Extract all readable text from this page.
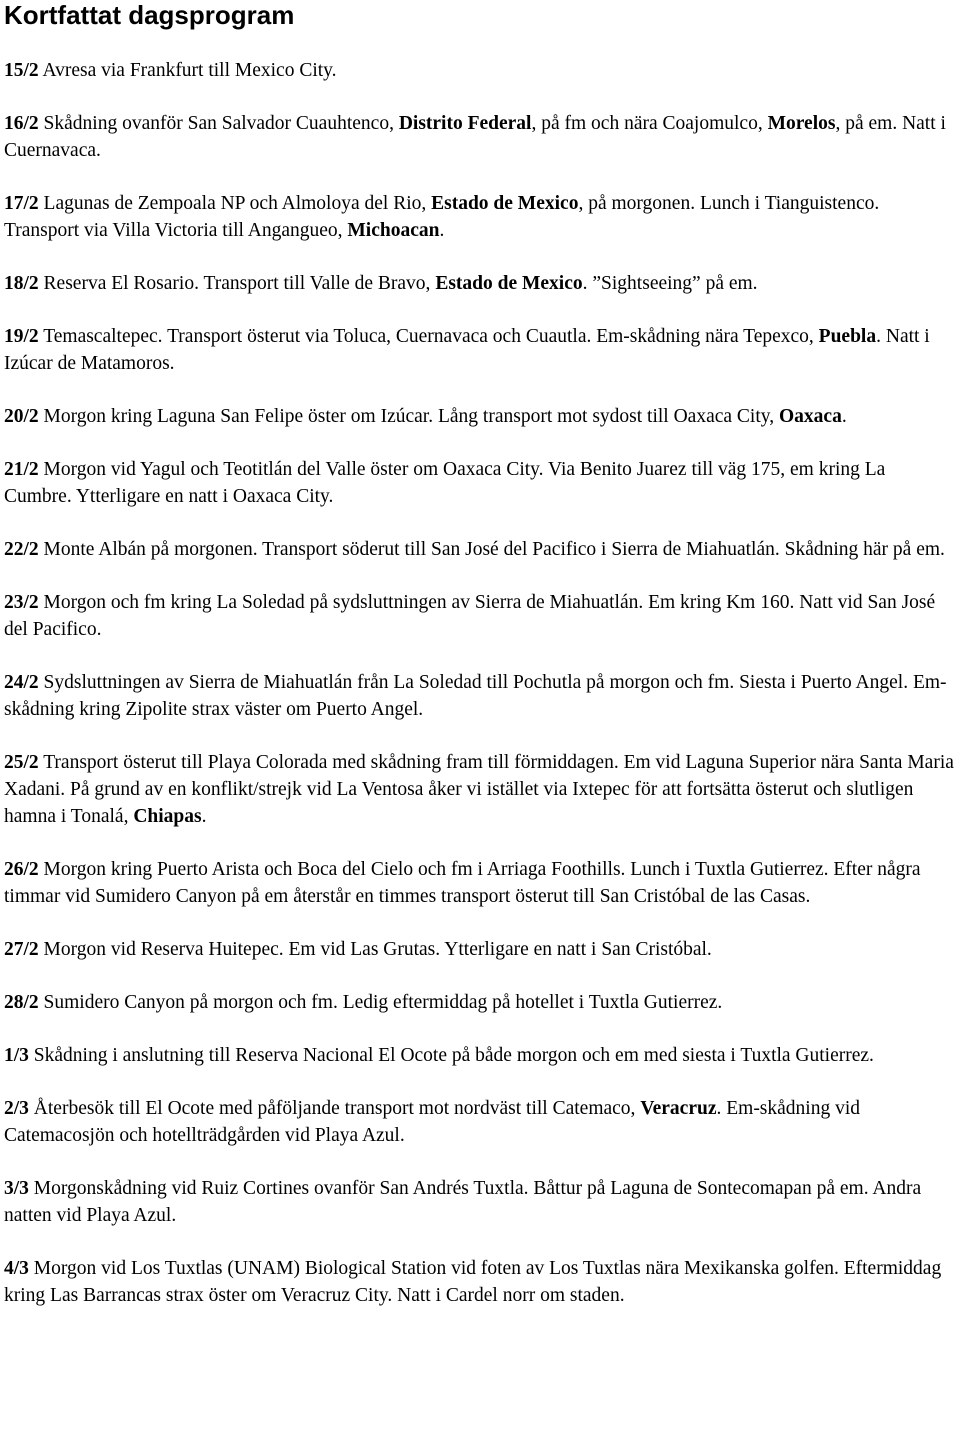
Kortfattat dagsprogram

15/2 Avresa via Frankfurt till Mexico City.

16/2 Skådning ovanför San Salvador Cuauhtenco, Distrito Federal, på fm och nära Coajomulco, Morelos, på em. Natt i Cuernavaca.

17/2 Lagunas de Zempoala NP och Almoloya del Rio, Estado de Mexico, på morgonen. Lunch i Tianguistenco. Transport via Villa Victoria till Angangueo, Michoacan.

18/2 Reserva El Rosario. Transport till Valle de Bravo, Estado de Mexico. ”Sightseeing” på em.

19/2 Temascaltepec. Transport österut via Toluca, Cuernavaca och Cuautla. Em-skådning nära Tepexco, Puebla. Natt i Izúcar de Matamoros.

20/2 Morgon kring Laguna San Felipe öster om Izúcar. Lång transport mot sydost till Oaxaca City, Oaxaca.

21/2 Morgon vid Yagul och Teotitlán del Valle öster om Oaxaca City. Via Benito Juarez till väg 175, em kring La Cumbre. Ytterligare en natt i Oaxaca City.

22/2 Monte Albán på morgonen. Transport söderut till San José del Pacifico i Sierra de Miahuatlán. Skådning här på em.

23/2 Morgon och fm kring La Soledad på sydsluttningen av Sierra de Miahuatlán. Em kring Km 160. Natt vid San José del Pacifico.

24/2 Sydsluttningen av Sierra de Miahuatlán från La Soledad till Pochutla på morgon och fm. Siesta i Puerto Angel. Em-skådning kring Zipolite strax väster om Puerto Angel.

25/2 Transport österut till Playa Colorada med skådning fram till förmiddagen. Em vid Laguna Superior nära Santa Maria Xadani. På grund av en konflikt/strejk vid La Ventosa åker vi istället via Ixtepec för att fortsätta österut och slutligen hamna i Tonalá, Chiapas.

26/2 Morgon kring Puerto Arista och Boca del Cielo och fm i Arriaga Foothills. Lunch i Tuxtla Gutierrez. Efter några timmar vid Sumidero Canyon på em återstår en timmes transport österut till San Cristóbal de las Casas.

27/2 Morgon vid Reserva Huitepec. Em vid Las Grutas. Ytterligare en natt i San Cristóbal.

28/2 Sumidero Canyon på morgon och fm. Ledig eftermiddag på hotellet i Tuxtla Gutierrez.

1/3 Skådning i anslutning till Reserva Nacional El Ocote på både morgon och em med siesta i Tuxtla Gutierrez.

2/3 Återbesök till El Ocote med påföljande transport mot nordväst till Catemaco, Veracruz. Em-skådning vid Catemacosjön och hotellträdgården vid Playa Azul.

3/3 Morgonskådning vid Ruiz Cortines ovanför San Andrés Tuxtla. Båttur på Laguna de Sontecomapan på em. Andra natten vid Playa Azul.

4/3 Morgon vid Los Tuxtlas (UNAM) Biological Station vid foten av Los Tuxtlas nära Mexikanska golfen. Eftermiddag kring Las Barrancas strax öster om Veracruz City. Natt i Cardel norr om staden.
